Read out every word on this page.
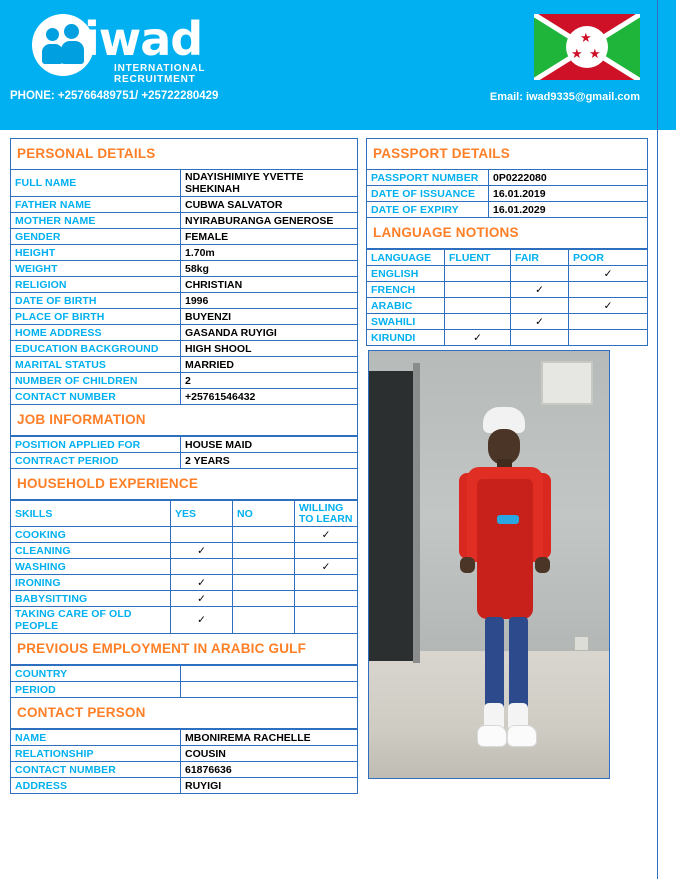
iwad
INTERNATIONAL
RECRUITMENT
★
★ ★
PHONE: +25766489751/ +25722280429	Email: iwad9335@gmail.com
PERSONAL DETAILS
FULL NAME	NDAYISHIMIYE YVETTE SHEKINAH
FATHER NAME	CUBWA SALVATOR
MOTHER NAME	NYIRABURANGA GENEROSE
GENDER	FEMALE
HEIGHT	1.70m
WEIGHT	58kg
RELIGION	CHRISTIAN
DATE OF BIRTH	1996
PLACE OF BIRTH	BUYENZI
HOME ADDRESS	GASANDA RUYIGI
EDUCATION BACKGROUND	HIGH SHOOL
MARITAL STATUS	MARRIED
NUMBER OF CHILDREN	2
CONTACT NUMBER	+25761546432
JOB INFORMATION
POSITION APPLIED FOR	HOUSE MAID
CONTRACT PERIOD	2 YEARS
HOUSEHOLD EXPERIENCE
SKILLS	YES	NO	WILLING
TO LEARN

COOKING			✓
CLEANING	✓		
WASHING			✓
IRONING	✓		
BABYSITTING	✓		
TAKING CARE OF OLD PEOPLE	✓		
PREVIOUS EMPLOYMENT IN ARABIC GULF
COUNTRY	
PERIOD	
CONTACT PERSON
NAME	MBONIREMA RACHELLE
RELATIONSHIP	COUSIN
CONTACT NUMBER	61876636
ADDRESS	RUYIGI
PASSPORT DETAILS
PASSPORT NUMBER	0P0222080
DATE OF ISSUANCE	16.01.2019
DATE OF EXPIRY	16.01.2029
LANGUAGE NOTIONS
LANGUAGE	FLUENT	FAIR	POOR
ENGLISH			✓
FRENCH		✓	
ARABIC			✓
SWAHILI		✓	
KIRUNDI	✓		
